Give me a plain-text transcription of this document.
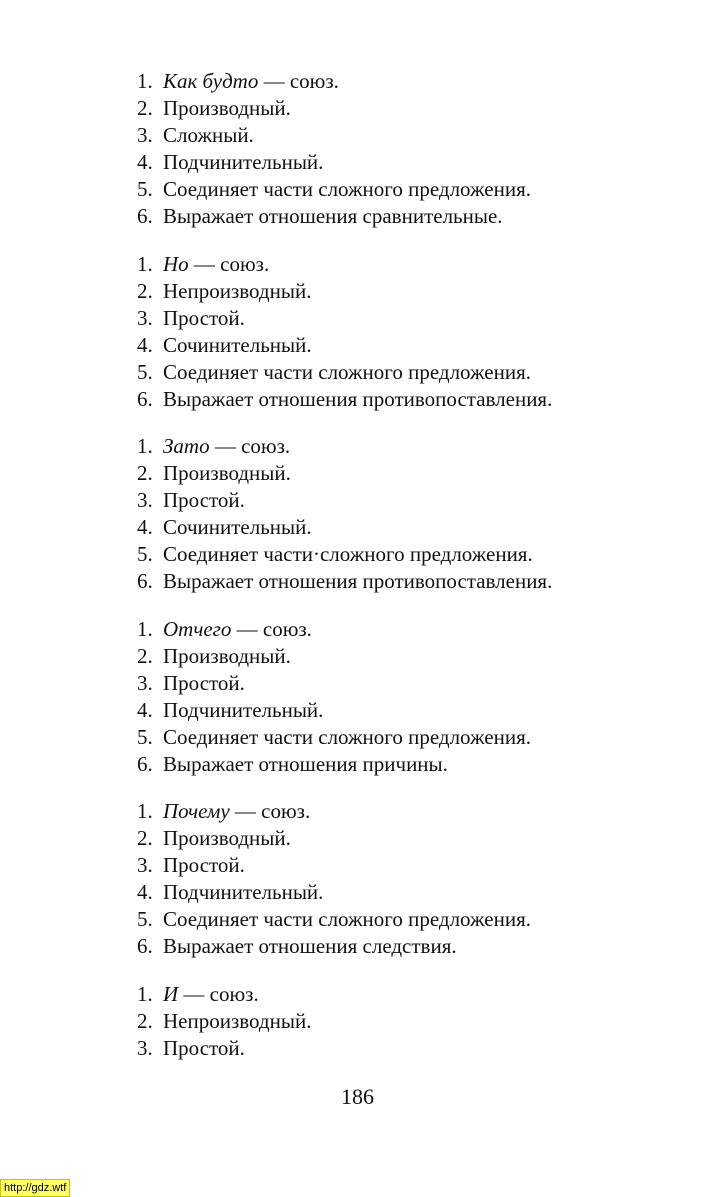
1. Как будто — союз.
2. Производный.
3. Сложный.
4. Подчинительный.
5. Соединяет части сложного предложения.
6. Выражает отношения сравнительные.
1. Но — союз.
2. Непроизводный.
3. Простой.
4. Сочинительный.
5. Соединяет части сложного предложения.
6. Выражает отношения противопоставления.
1. Зато — союз.
2. Производный.
3. Простой.
4. Сочинительный.
5. Соединяет части·сложного предложения.
6. Выражает отношения противопоставления.
1. Отчего — союз.
2. Производный.
3. Простой.
4. Подчинительный.
5. Соединяет части сложного предложения.
6. Выражает отношения причины.
1. Почему — союз.
2. Производный.
3. Простой.
4. Подчинительный.
5. Соединяет части сложного предложения.
6. Выражает отношения следствия.
1. И — союз.
2. Непроизводный.
3. Простой.
186
http://gdz.wtf
